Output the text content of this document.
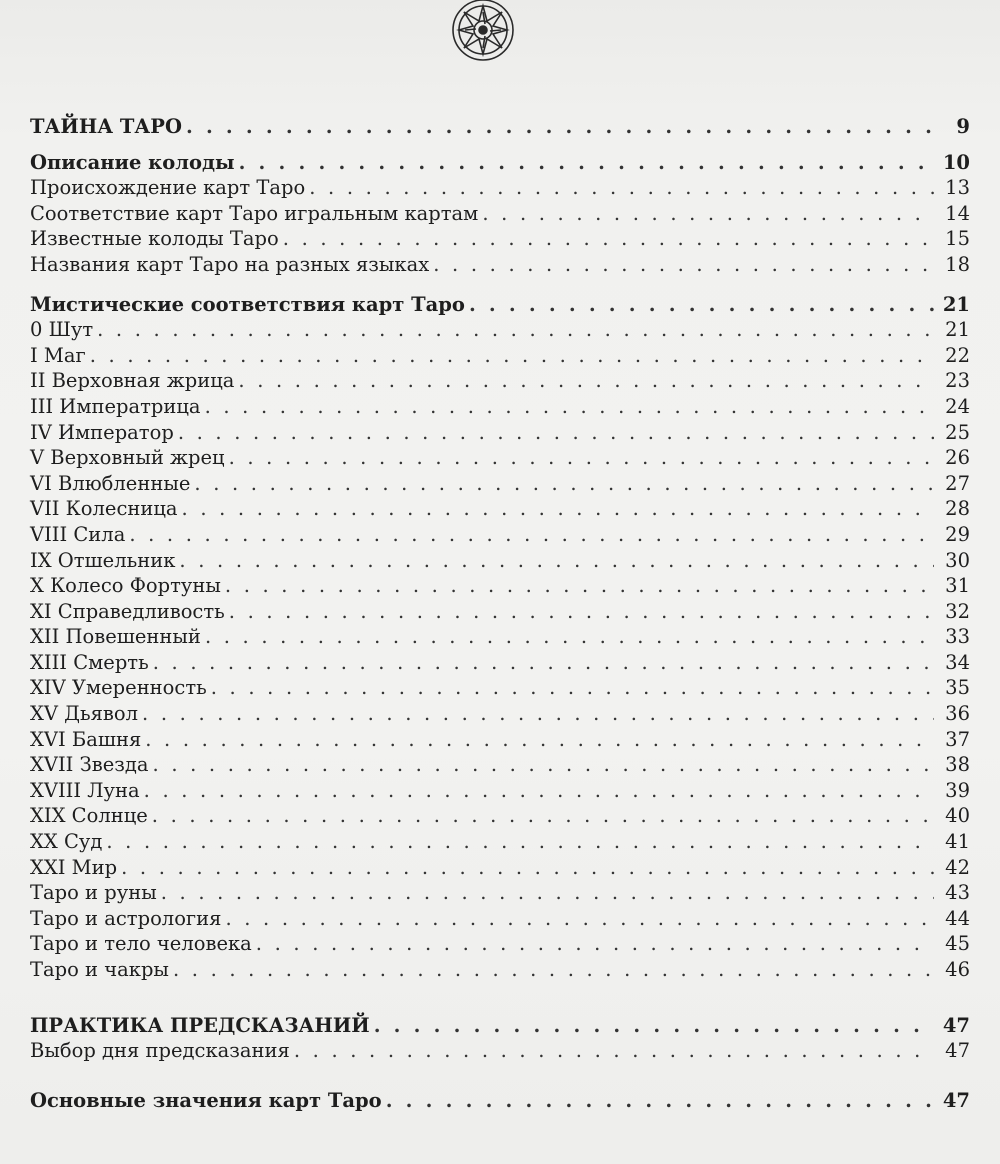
ТАЙНА ТАРО . . .	9
Описание колоды . . .	10
Происхождение карт Таро . . .	13
Соответствие карт Таро игральным картам . . .	14
Известные колоды Таро . . .	15
Названия карт Таро на разных языках . . .	18
Мистические соответствия карт Таро . . .	21
0 Шут . . .	21
I Маг . . .	22
II Верховная жрица . . .	23
III Императрица . . .	24
IV Император . . .	25
V Верховный жрец . . .	26
VI Влюбленные . . .	27
VII Колесница . . .	28
VIII Сила . . .	29
IX Отшельник . . .	30
X Колесо Фортуны . . .	31
XI Справедливость . . .	32
XII Повешенный . . .	33
XIII Смерть . . .	34
XIV Умеренность . . .	35
XV Дьявол . . .	36
XVI Башня . . .	37
XVII Звезда . . .	38
XVIII Луна . . .	39
XIX Солнце . . .	40
XX Суд . . .	41
XXI Мир . . .	42
Таро и руны . . .	43
Таро и астрология . . .	44
Таро и тело человека . . .	45
Таро и чакры . . .	46
ПРАКТИКА ПРЕДСКАЗАНИЙ . . .	47
Выбор дня предсказания . . .	47
Основные значения карт Таро . . .	47
